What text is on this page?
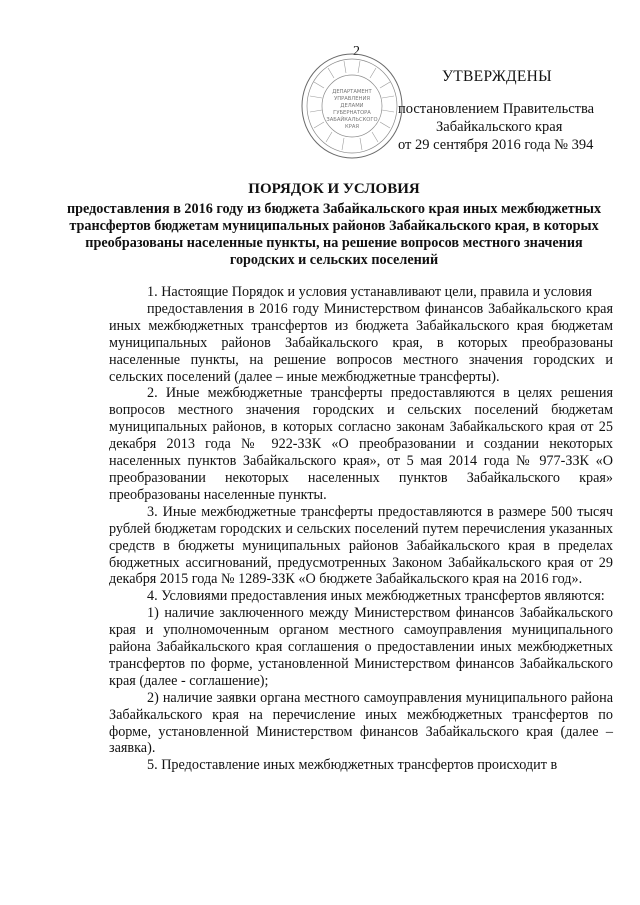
2
ДЕПАРТАМЕНТ
УПРАВЛЕНИЯ
ДЕЛАМИ
ГУБЕРНАТОРА
ЗАБАЙКАЛЬСКОГО
КРАЯ
УТВЕРЖДЕНЫ
постановлением Правительства
Забайкальского края
от 29 сентября 2016 года № 394
ПОРЯДОК И УСЛОВИЯ
предоставления в 2016 году из бюджета Забайкальского края иных межбюджетных трансфертов бюджетам муниципальных районов Забайкальского края, в которых преобразованы населенные пункты, на решение вопросов местного значения городских и сельских поселений

1. Настоящие Порядок и условия устанавливают цели, правила и условия

предоставления в 2016 году Министерством финансов Забайкальского края иных межбюджетных трансфертов из бюджета Забайкальского края бюджетам муниципальных районов Забайкальского края, в которых преобразованы населенные пункты, на решение вопросов местного значения городских и сельских поселений (далее – иные межбюджетные трансферты).

2. Иные межбюджетные трансферты предоставляются в целях решения вопросов местного значения городских и сельских поселений бюджетам муниципальных районов, в которых согласно законам Забайкальского края от 25 декабря 2013 года № 922-ЗЗК «О преобразовании и создании некоторых населенных пунктов Забайкальского края», от 5 мая 2014 года № 977-ЗЗК «О преобразовании некоторых населенных пунктов Забайкальского края» преобразованы населенные пункты.

3. Иные межбюджетные трансферты предоставляются в размере 500 тысяч рублей бюджетам городских и сельских поселений путем перечисления указанных средств в бюджеты муниципальных районов Забайкальского края в пределах бюджетных ассигнований, предусмотренных Законом Забайкальского края от 29 декабря 2015 года № 1289-ЗЗК «О бюджете Забайкальского края на 2016 год».

4. Условиями предоставления иных межбюджетных трансфертов являются:

1) наличие заключенного между Министерством финансов Забайкальского края и уполномоченным органом местного самоуправления муниципального района Забайкальского края соглашения о предоставлении иных межбюджетных трансфертов по форме, установленной Министерством финансов Забайкальского края (далее - соглашение);

2) наличие заявки органа местного самоуправления муниципального района Забайкальского края на перечисление иных межбюджетных трансфертов по форме, установленной Министерством финансов Забайкальского края (далее – заявка).

5. Предоставление иных межбюджетных трансфертов происходит в
